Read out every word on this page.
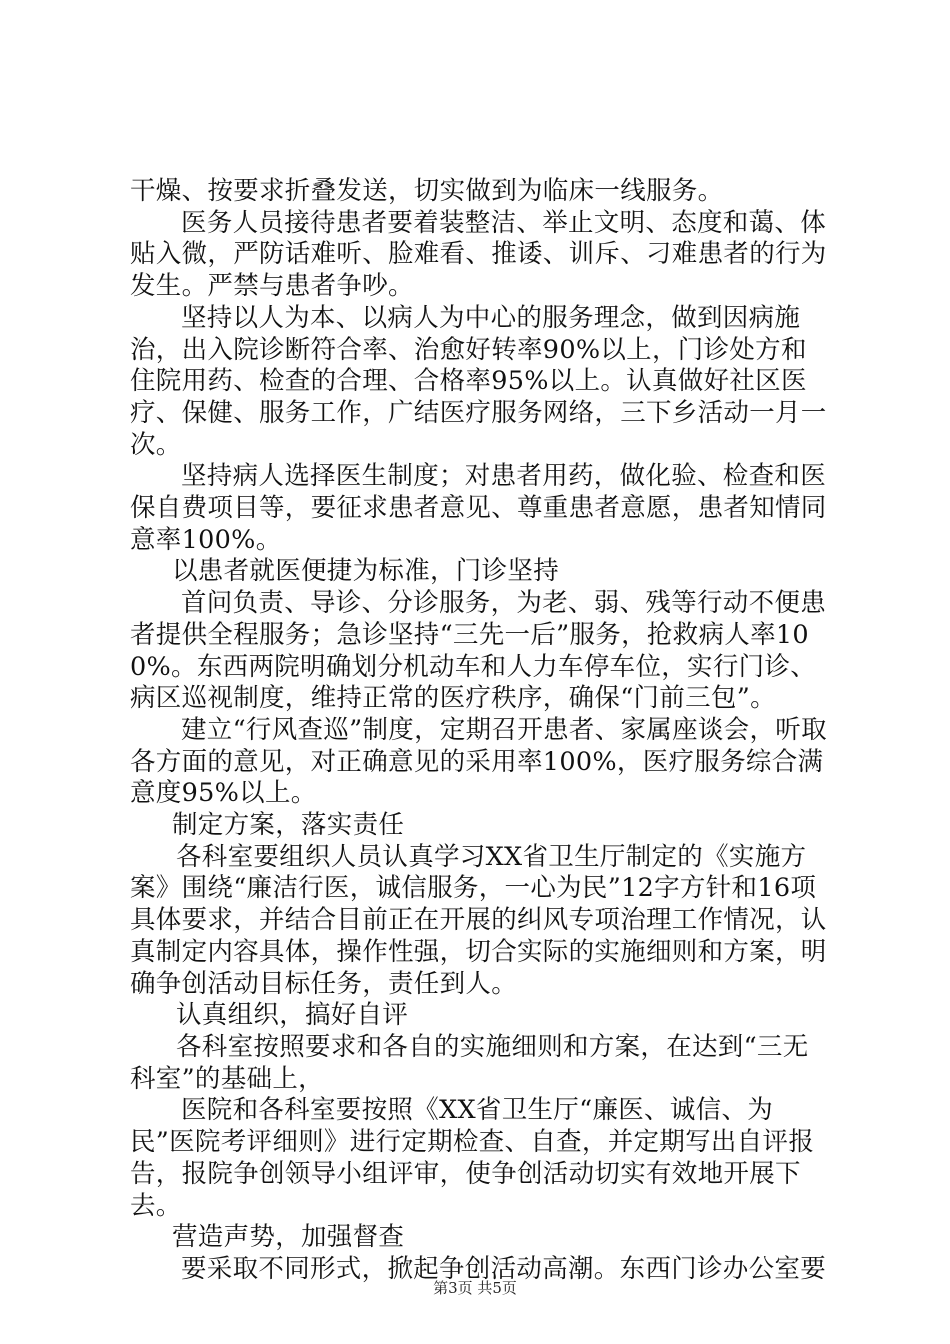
干燥、按要求折叠发送，切实做到为临床一线服务。

医务人员接待患者要着装整洁、举止文明、态度和蔼、体贴入微，严防话难听、脸难看、推诿、训斥、刁难患者的行为发生。严禁与患者争吵。

坚持以人为本、以病人为中心的服务理念，做到因病施治，出入院诊断符合率、治愈好转率90%以上，门诊处方和住院用药、检查的合理、合格率95%以上。认真做好社区医疗、保健、服务工作，广结医疗服务网络，三下乡活动一月一次。

坚持病人选择医生制度；对患者用药，做化验、检查和医保自费项目等，要征求患者意见、尊重患者意愿，患者知情同意率100%。

以患者就医便捷为标准，门诊坚持

首问负责、导诊、分诊服务，为老、弱、残等行动不便患者提供全程服务；急诊坚持“三先一后”服务，抢救病人率100%。东西两院明确划分机动车和人力车停车位，实行门诊、病区巡视制度，维持正常的医疗秩序，确保“门前三包”。

建立“行风查巡”制度，定期召开患者、家属座谈会，听取各方面的意见，对正确意见的采用率100%，医疗服务综合满意度95%以上。

制定方案，落实责任

各科室要组织人员认真学习XX省卫生厅制定的《实施方案》围绕“廉洁行医，诚信服务，一心为民”12字方针和16项具体要求，并结合目前正在开展的纠风专项治理工作情况，认真制定内容具体，操作性强，切合实际的实施细则和方案，明确争创活动目标任务，责任到人。

认真组织，搞好自评

各科室按照要求和各自的实施细则和方案，在达到“三无科室”的基础上，

医院和各科室要按照《XX省卫生厅“廉医、诚信、为民”医院考评细则》进行定期检查、自查，并定期写出自评报告，报院争创领导小组评审，使争创活动切实有效地开展下去。

营造声势，加强督查

要采取不同形式，掀起争创活动高潮。东西门诊办公室要

第3页 共5页
